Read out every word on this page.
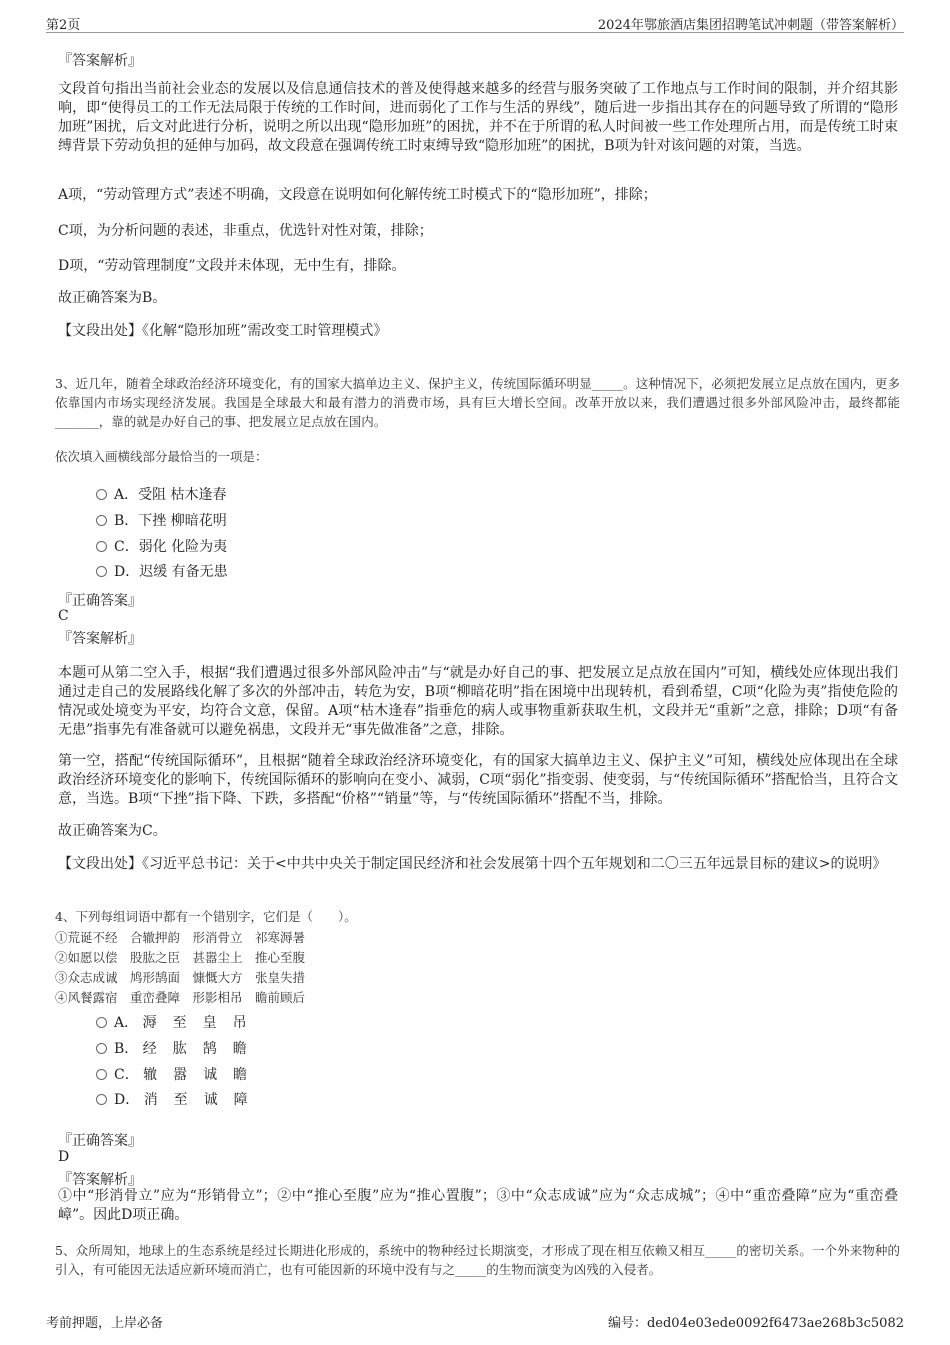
第2页	2024年鄂旅酒店集团招聘笔试冲刺题（带答案解析）
『答案解析』
文段首句指出当前社会业态的发展以及信息通信技术的普及使得越来越多的经营与服务突破了工作地点与工作时间的限制，并介绍其影响，即“使得员工的工作无法局限于传统的工作时间，进而弱化了工作与生活的界线”，随后进一步指出其存在的问题导致了所谓的“隐形加班”困扰，后文对此进行分析，说明之所以出现“隐形加班”的困扰，并不在于所谓的私人时间被一些工作处理所占用，而是传统工时束缚背景下劳动负担的延伸与加码，故文段意在强调传统工时束缚导致“隐形加班”的困扰，B项为针对该问题的对策，当选。
A项，“劳动管理方式”表述不明确，文段意在说明如何化解传统工时模式下的“隐形加班”，排除；
C项，为分析问题的表述，非重点，优选针对性对策，排除；
D项，“劳动管理制度”文段并未体现，无中生有，排除。
故正确答案为B。
【文段出处】《化解“隐形加班”需改变工时管理模式》
3、近几年，随着全球政治经济环境变化，有的国家大搞单边主义、保护主义，传统国际循环明显_____。这种情况下，必须把发展立足点放在国内，更多依靠国内市场实现经济发展。我国是全球最大和最有潜力的消费市场，具有巨大增长空间。改革开放以来，我们遭遇过很多外部风险冲击，最终都能_______，靠的就是办好自己的事、把发展立足点放在国内。
依次填入画横线部分最恰当的一项是：
A．受阻 枯木逢春
B．下挫 柳暗花明
C．弱化 化险为夷
D．迟缓 有备无患
『正确答案』
C
『答案解析』
本题可从第二空入手，根据“我们遭遇过很多外部风险冲击”与“就是办好自己的事、把发展立足点放在国内”可知，横线处应体现出我们通过走自己的发展路线化解了多次的外部冲击，转危为安，B项“柳暗花明”指在困境中出现转机，看到希望，C项“化险为夷”指使危险的情况或处境变为平安，均符合文意，保留。A项“枯木逢春”指垂危的病人或事物重新获取生机，文段并无“重新”之意，排除；D项“有备无患”指事先有准备就可以避免祸患，文段并无“事先做准备”之意，排除。
第一空，搭配“传统国际循环”，且根据“随着全球政治经济环境变化，有的国家大搞单边主义、保护主义”可知，横线处应体现出在全球政治经济环境变化的影响下，传统国际循环的影响向在变小、减弱，C项“弱化”指变弱、使变弱，与“传统国际循环”搭配恰当，且符合文意，当选。B项“下挫”指下降、下跌，多搭配“价格”“销量”等，与“传统国际循环”搭配不当，排除。
故正确答案为C。
【文段出处】《习近平总书记：关于<中共中央关于制定国民经济和社会发展第十四个五年规划和二〇三五年远景目标的建议>的说明》
4、下列每组词语中都有一个错别字，它们是（　　）。
①荒诞不经　合辙押韵　形消骨立　祁寒溽暑
②如愿以偿　股肱之臣　甚嚣尘上　推心至腹
③众志成诚　鸠形鹄面　慷慨大方　张皇失措
④风餐露宿　重峦叠障　形影相吊　瞻前顾后
A． 溽至皇吊
B． 经肱鹄瞻
C． 辙嚣诚瞻
D． 消至诚障
『正确答案』
D
『答案解析』
①中“形消骨立”应为“形销骨立”；②中“推心至腹”应为“推心置腹”；③中“众志成诚”应为“众志成城”；④中“重峦叠障”应为“重峦叠嶂”。因此D项正确。
5、众所周知，地球上的生态系统是经过长期进化形成的，系统中的物种经过长期演变，才形成了现在相互依赖又相互_____的密切关系。一个外来物种的引入，有可能因无法适应新环境而消亡，也有可能因新的环境中没有与之_____的生物而演变为凶残的入侵者。
考前押题，上岸必备	编号：ded04e03ede0092f6473ae268b3c5082
